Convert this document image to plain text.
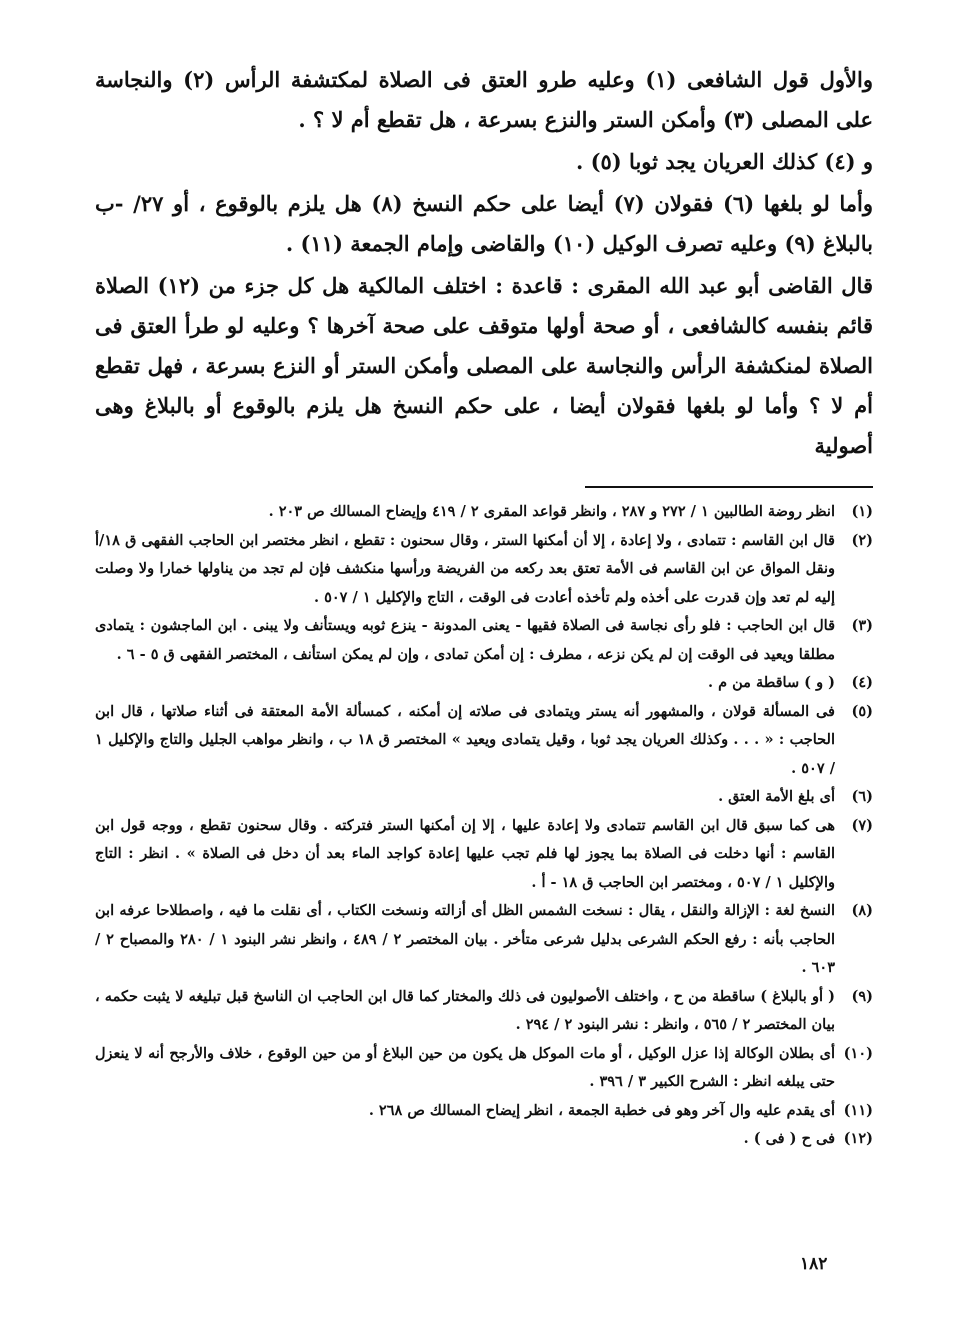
والأول قول الشافعى (١) وعليه طرو العتق فى الصلاة لمكتشفة الرأس (٢) والنجاسة على المصلى (٣) وأمكن الستر والنزع بسرعة ، هل تقطع أم لا ؟ .

و (٤) كذلك العريان يجد ثوبا (٥) .

وأما لو بلغها (٦) فقولان (٧) أيضا على حكم النسخ (٨) هل يلزم بالوقوع ، أو ٢٧/ -ب بالبلاغ (٩) وعليه تصرف الوكيل (١٠) والقاضى وإمام الجمعة (١١) .

قال القاضى أبو عبد الله المقرى : قاعدة : اختلف المالكية هل كل جزء من (١٢) الصلاة قائم بنفسه كالشافعى ، أو صحة أولها متوقف على صحة آخرها ؟ وعليه لو طرأ العتق فى الصلاة لمنكشفة الرأس والنجاسة على المصلى وأمكن الستر أو النزع بسرعة ، فهل تقطع أم لا ؟ وأما لو بلغها فقولان أيضا ، على حكم النسخ هل يلزم بالوقوع أو بالبلاغ وهى أصولية

(١)
انظر روضة الطالبين ١ / ٢٧٢ و ٢٨٧ ، وانظر قواعد المقرى ٢ / ٤١٩ وإيضاح المسالك ص ٢٠٣ .

(٢)
قال ابن القاسم : تتمادى ، ولا إعادة ، إلا أن أمكنها الستر ، وقال سحنون : تقطع ، انظر مختصر ابن الحاجب الفقهى ق ١٨/أ ونقل المواق عن ابن القاسم فى الأمة تعتق بعد ركعه من الفريضة ورأسها منكشف فإن لم تجد من يناولها خمارا ولا وصلت إليه لم تعد وإن قدرت على أخذه ولم تأخذه أعادت فى الوقت ، التاج والإكليل ١ / ٥٠٧ .

(٣)
قال ابن الحاجب : فلو رأى نجاسة فى الصلاة فقيها - يعنى المدونة - ينزع ثوبه ويستأنف ولا يبنى . ابن الماجشون : يتمادى مطلقا ويعيد فى الوقت إن لم يكن نزعه ، مطرف : إن أمكن تمادى ، وإن لم يمكن استأنف ، المختصر الفقهى ق ٥ - ٦ .

(٤)
( و ) ساقطة من م .

(٥)
فى المسألة قولان ، والمشهور أنه يستر ويتمادى فى صلاته إن أمكنه ، كمسألة الأمة المعتقة فى أثناء صلاتها ، قال ابن الحاجب : « . . . وكذلك العريان يجد ثوبا ، وقيل يتمادى ويعيد » المختصر ق ١٨ ب ، وانظر مواهب الجليل والتاج والإكليل ١ / ٥٠٧ .

(٦)
أى بلغ الأمة العتق .

(٧)
هى كما سبق قال ابن القاسم تتمادى ولا إعادة عليها ، إلا إن أمكنها الستر فتركته . وقال سحنون تقطع ، ووجه قول ابن القاسم : أنها دخلت فى الصلاة بما يجوز لها فلم تجب عليها إعادة كواجد الماء بعد أن دخل فى الصلاة » . انظر : التاج والإكليل ١ / ٥٠٧ ، ومختصر ابن الحاجب ق ١٨ - أ .

(٨)
النسخ لغة : الإزالة والنقل ، يقال : نسخت الشمس الظل أى أزالته ونسخت الكتاب ، أى نقلت ما فيه ، واصطلاحا عرفه ابن الحاجب بأنه : رفع الحكم الشرعى بدليل شرعى متأخر . بيان المختصر ٢ / ٤٨٩ ، وانظر نشر البنود ١ / ٢٨٠ والمصباح ٢ / ٦٠٣ .

(٩)
( أو بالبلاغ ) ساقطة من ح ، واختلف الأصوليون فى ذلك والمختار كما قال ابن الحاجب ان الناسخ قبل تبليغه لا يثبت حكمه ، بيان المختصر ٢ / ٥٦٥ ، وانظر : نشر البنود ٢ / ٢٩٤ .

(١٠)
أى بطلان الوكالة إذا عزل الوكيل ، أو مات الموكل هل يكون من حين البلاغ أو من حين الوقوع ، خلاف والأرجح أنه لا ينعزل حتى يبلغه انظر : الشرح الكبير ٣ / ٣٩٦ .

(١١)
أى يقدم عليه وال آخر وهو فى خطبة الجمعة ، انظر إيضاح المسالك ص ٢٦٨ .

(١٢)
فى ح ( فى ) .

١٨٢
